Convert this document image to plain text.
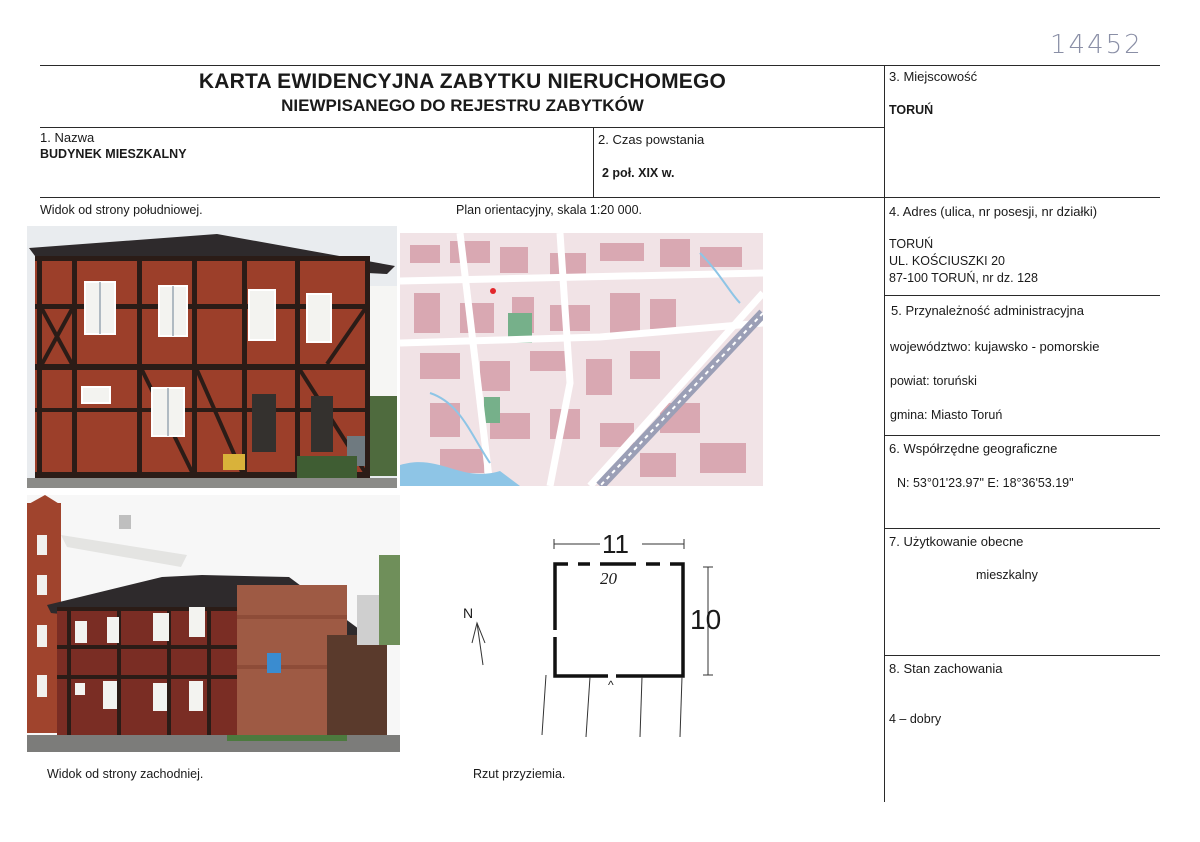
14452
KARTA EWIDENCYJNA ZABYTKU NIERUCHOMEGO
NIEWPISANEGO DO REJESTRU ZABYTKÓW
1. Nazwa
BUDYNEK MIESZKALNY
2. Czas powstania
2 poł. XIX w.
3. Miejscowość
TORUŃ
4. Adres (ulica, nr posesji, nr działki)
TORUŃ
UL. KOŚCIUSZKI 20
87-100 TORUŃ, nr dz. 128
5. Przynależność administracyjna
województwo: kujawsko - pomorskie
powiat: toruński
gmina: Miasto Toruń
6. Współrzędne geograficzne
N: 53°01'23.97" E: 18°36'53.19"
7. Użytkowanie obecne
mieszkalny
8. Stan zachowania
4 – dobry
Widok od strony południowej.	Plan orientacyjny, skala 1:20 000.
Widok od strony zachodniej.	Rzut przyziemia.
11
10
20
N
^
